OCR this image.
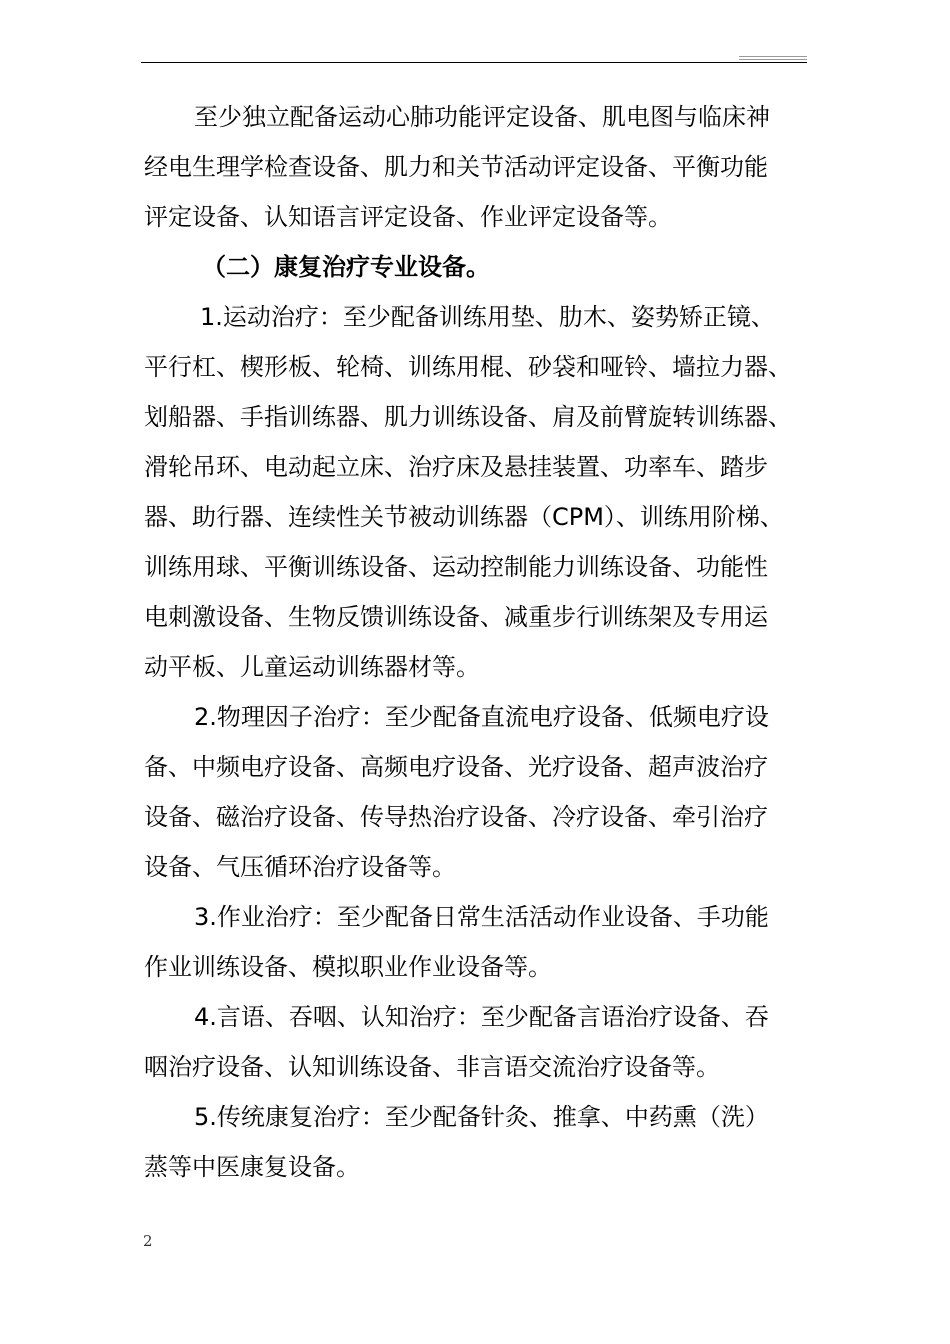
至少独立配备运动心肺功能评定设备、肌电图与临床神
经电生理学检查设备、肌力和关节活动评定设备、平衡功能
评定设备、认知语言评定设备、作业评定设备等。
（二）康复治疗专业设备。
1.运动治疗：至少配备训练用垫、肋木、姿势矫正镜、
平行杠、楔形板、轮椅、训练用棍、砂袋和哑铃、墙拉力器、
划船器、手指训练器、肌力训练设备、肩及前臂旋转训练器、
滑轮吊环、电动起立床、治疗床及悬挂装置、功率车、踏步
器、助行器、连续性关节被动训练器（CPM）、训练用阶梯、
训练用球、平衡训练设备、运动控制能力训练设备、功能性
电刺激设备、生物反馈训练设备、减重步行训练架及专用运
动平板、儿童运动训练器材等。
2.物理因子治疗：至少配备直流电疗设备、低频电疗设
备、中频电疗设备、高频电疗设备、光疗设备、超声波治疗
设备、磁治疗设备、传导热治疗设备、冷疗设备、牵引治疗
设备、气压循环治疗设备等。
3.作业治疗：至少配备日常生活活动作业设备、手功能
作业训练设备、模拟职业作业设备等。
4.言语、吞咽、认知治疗：至少配备言语治疗设备、吞
咽治疗设备、认知训练设备、非言语交流治疗设备等。
5.传统康复治疗：至少配备针灸、推拿、中药熏（洗）
蒸等中医康复设备。
2
